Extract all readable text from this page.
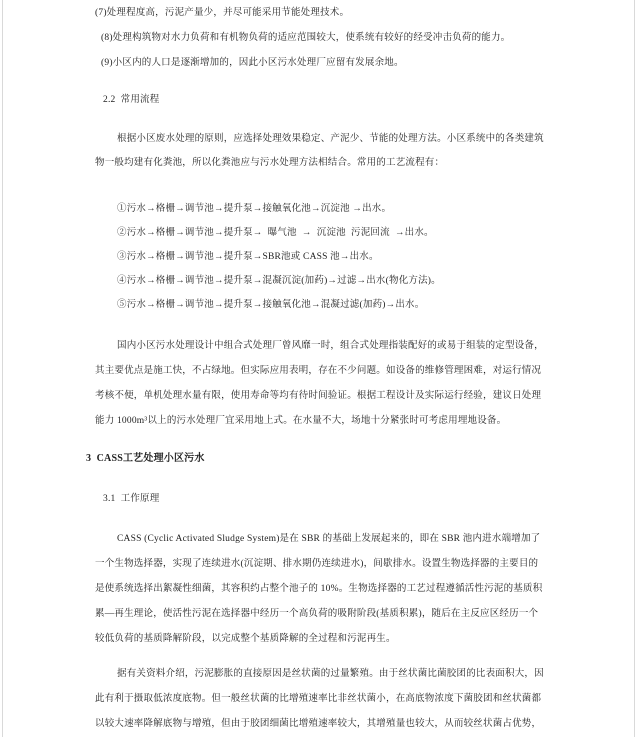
(7)处理程度高，污泥产量少，并尽可能采用节能处理技术。
(8)处理构筑物对水力负荷和有机物负荷的适应范围较大，使系统有较好的经受冲击负荷的能力。
(9)小区内的人口是逐渐增加的，因此小区污水处理厂应留有发展余地。
2.2  常用流程
根据小区废水处理的原则，应选择处理效果稳定、产泥少、节能的处理方法。小区系统中的各类建筑
物一般均建有化粪池，所以化粪池应与污水处理方法相结合。常用的工艺流程有：
①污水→格栅→调节池→提升泵→接触氧化池→沉淀池 →出水。
②污水→格栅→调节池→提升泵→  曝气池  →  沉淀池  污泥回流  →出水。
③污水→格栅→调节池→提升泵→SBR池或 CASS 池→出水。
④污水→格栅→调节池→提升泵→混凝沉淀(加药)→过滤→出水(物化方法)。
⑤污水→格栅→调节池→提升泵→接触氧化池→混凝过滤(加药)→出水。
国内小区污水处理设计中组合式处理厂曾风靡一时，组合式处理指装配好的或易于组装的定型设备，
其主要优点是施工快，不占绿地。但实际应用表明，存在不少问题。如设备的维修管理困难，对运行情况
考核不便，单机处理水量有限，使用寿命等均有待时间验证。根据工程设计及实际运行经验，建议日处理
能力 1000m³以上的污水处理厂宜采用地上式。在水量不大，场地十分紧张时可考虑用埋地设备。
3  CASS工艺处理小区污水
3.1  工作原理
CASS (Cyclic Activated Sludge System)是在 SBR 的基础上发展起来的，即在 SBR 池内进水端增加了
一个生物选择器，实现了连续进水(沉淀期、排水期仍连续进水)，间歇排水。设置生物选择器的主要目的
是使系统选择出絮凝性细菌，其容积约占整个池子的 10%。生物选择器的工艺过程遵循活性污泥的基质积
累—再生理论，使活性污泥在选择器中经历一个高负荷的吸附阶段(基质积累)，随后在主反应区经历一个
较低负荷的基质降解阶段，以完成整个基质降解的全过程和污泥再生。
据有关资料介绍，污泥膨胀的直接原因是丝状菌的过量繁殖。由于丝状菌比菌胶团的比表面积大，因
此有利于摄取低浓度底物。但一般丝状菌的比增殖速率比非丝状菌小，在高底物浓度下菌胶团和丝状菌都
以较大速率降解底物与增殖，但由于胶团细菌比增殖速率较大，其增殖量也较大，从而较丝状菌占优势，
